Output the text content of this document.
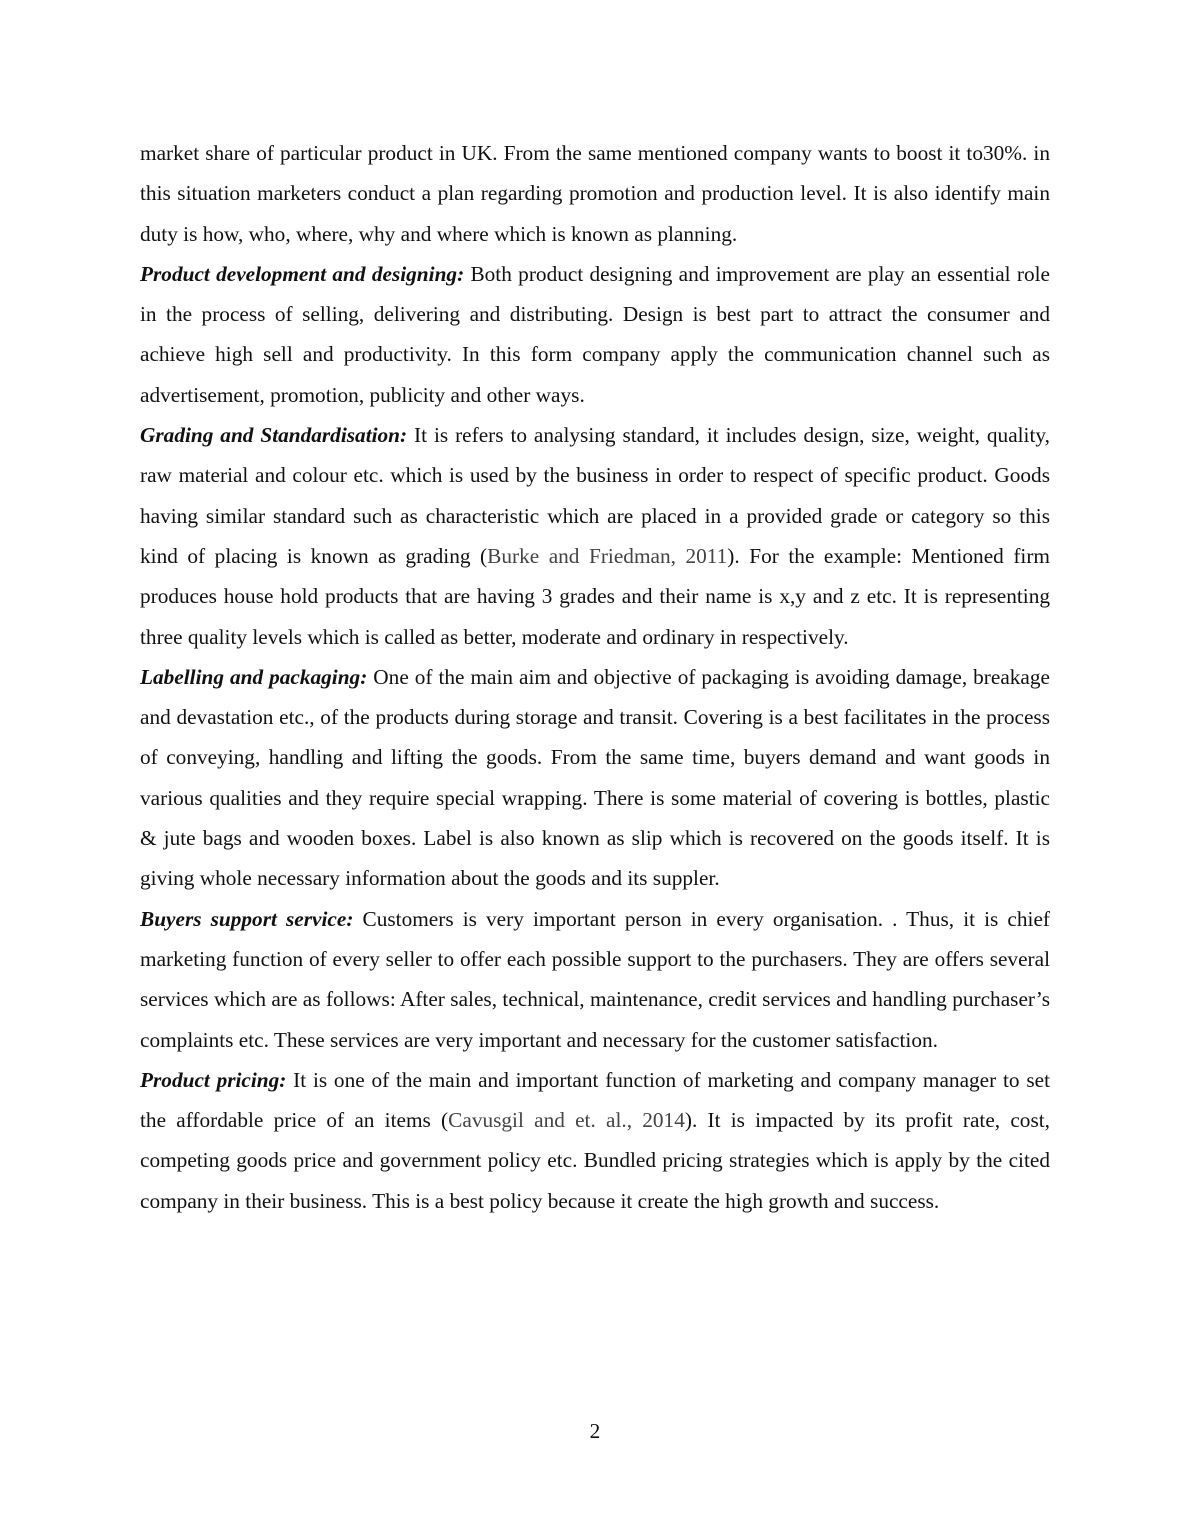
market share of particular product in UK. From the same mentioned company wants to boost it to30%. in this situation marketers conduct a plan regarding promotion and production level. It is also identify main duty is how, who, where, why and where which is known as planning.

Product development and designing: Both product designing and improvement are play an essential role in the process of selling, delivering and distributing. Design is best part to attract the consumer and achieve high sell and productivity. In this form company apply the communication channel such as advertisement, promotion, publicity and other ways.

Grading and Standardisation: It is refers to analysing standard, it includes design, size, weight, quality, raw material and colour etc. which is used by the business in order to respect of specific product. Goods having similar standard such as characteristic which are placed in a provided grade or category so this kind of placing is known as grading (Burke and Friedman, 2011). For the example: Mentioned firm produces house hold products that are having 3 grades and their name is x,y and z etc. It is representing three quality levels which is called as better, moderate and ordinary in respectively.

Labelling and packaging: One of the main aim and objective of packaging is avoiding damage, breakage and devastation etc., of the products during storage and transit. Covering is a best facilitates in the process of conveying, handling and lifting the goods. From the same time, buyers demand and want goods in various qualities and they require special wrapping. There is some material of covering is bottles, plastic & jute bags and wooden boxes. Label is also known as slip which is recovered on the goods itself. It is giving whole necessary information about the goods and its suppler.

Buyers support service: Customers is very important person in every organisation. . Thus, it is chief marketing function of every seller to offer each possible support to the purchasers. They are offers several services which are as follows: After sales, technical, maintenance, credit services and handling purchaser’s complaints etc. These services are very important and necessary for the customer satisfaction.

Product pricing: It is one of the main and important function of marketing and company manager to set the affordable price of an items (Cavusgil and et. al., 2014). It is impacted by its profit rate, cost, competing goods price and government policy etc. Bundled pricing strategies which is apply by the cited company in their business. This is a best policy because it create the high growth and success.

2
